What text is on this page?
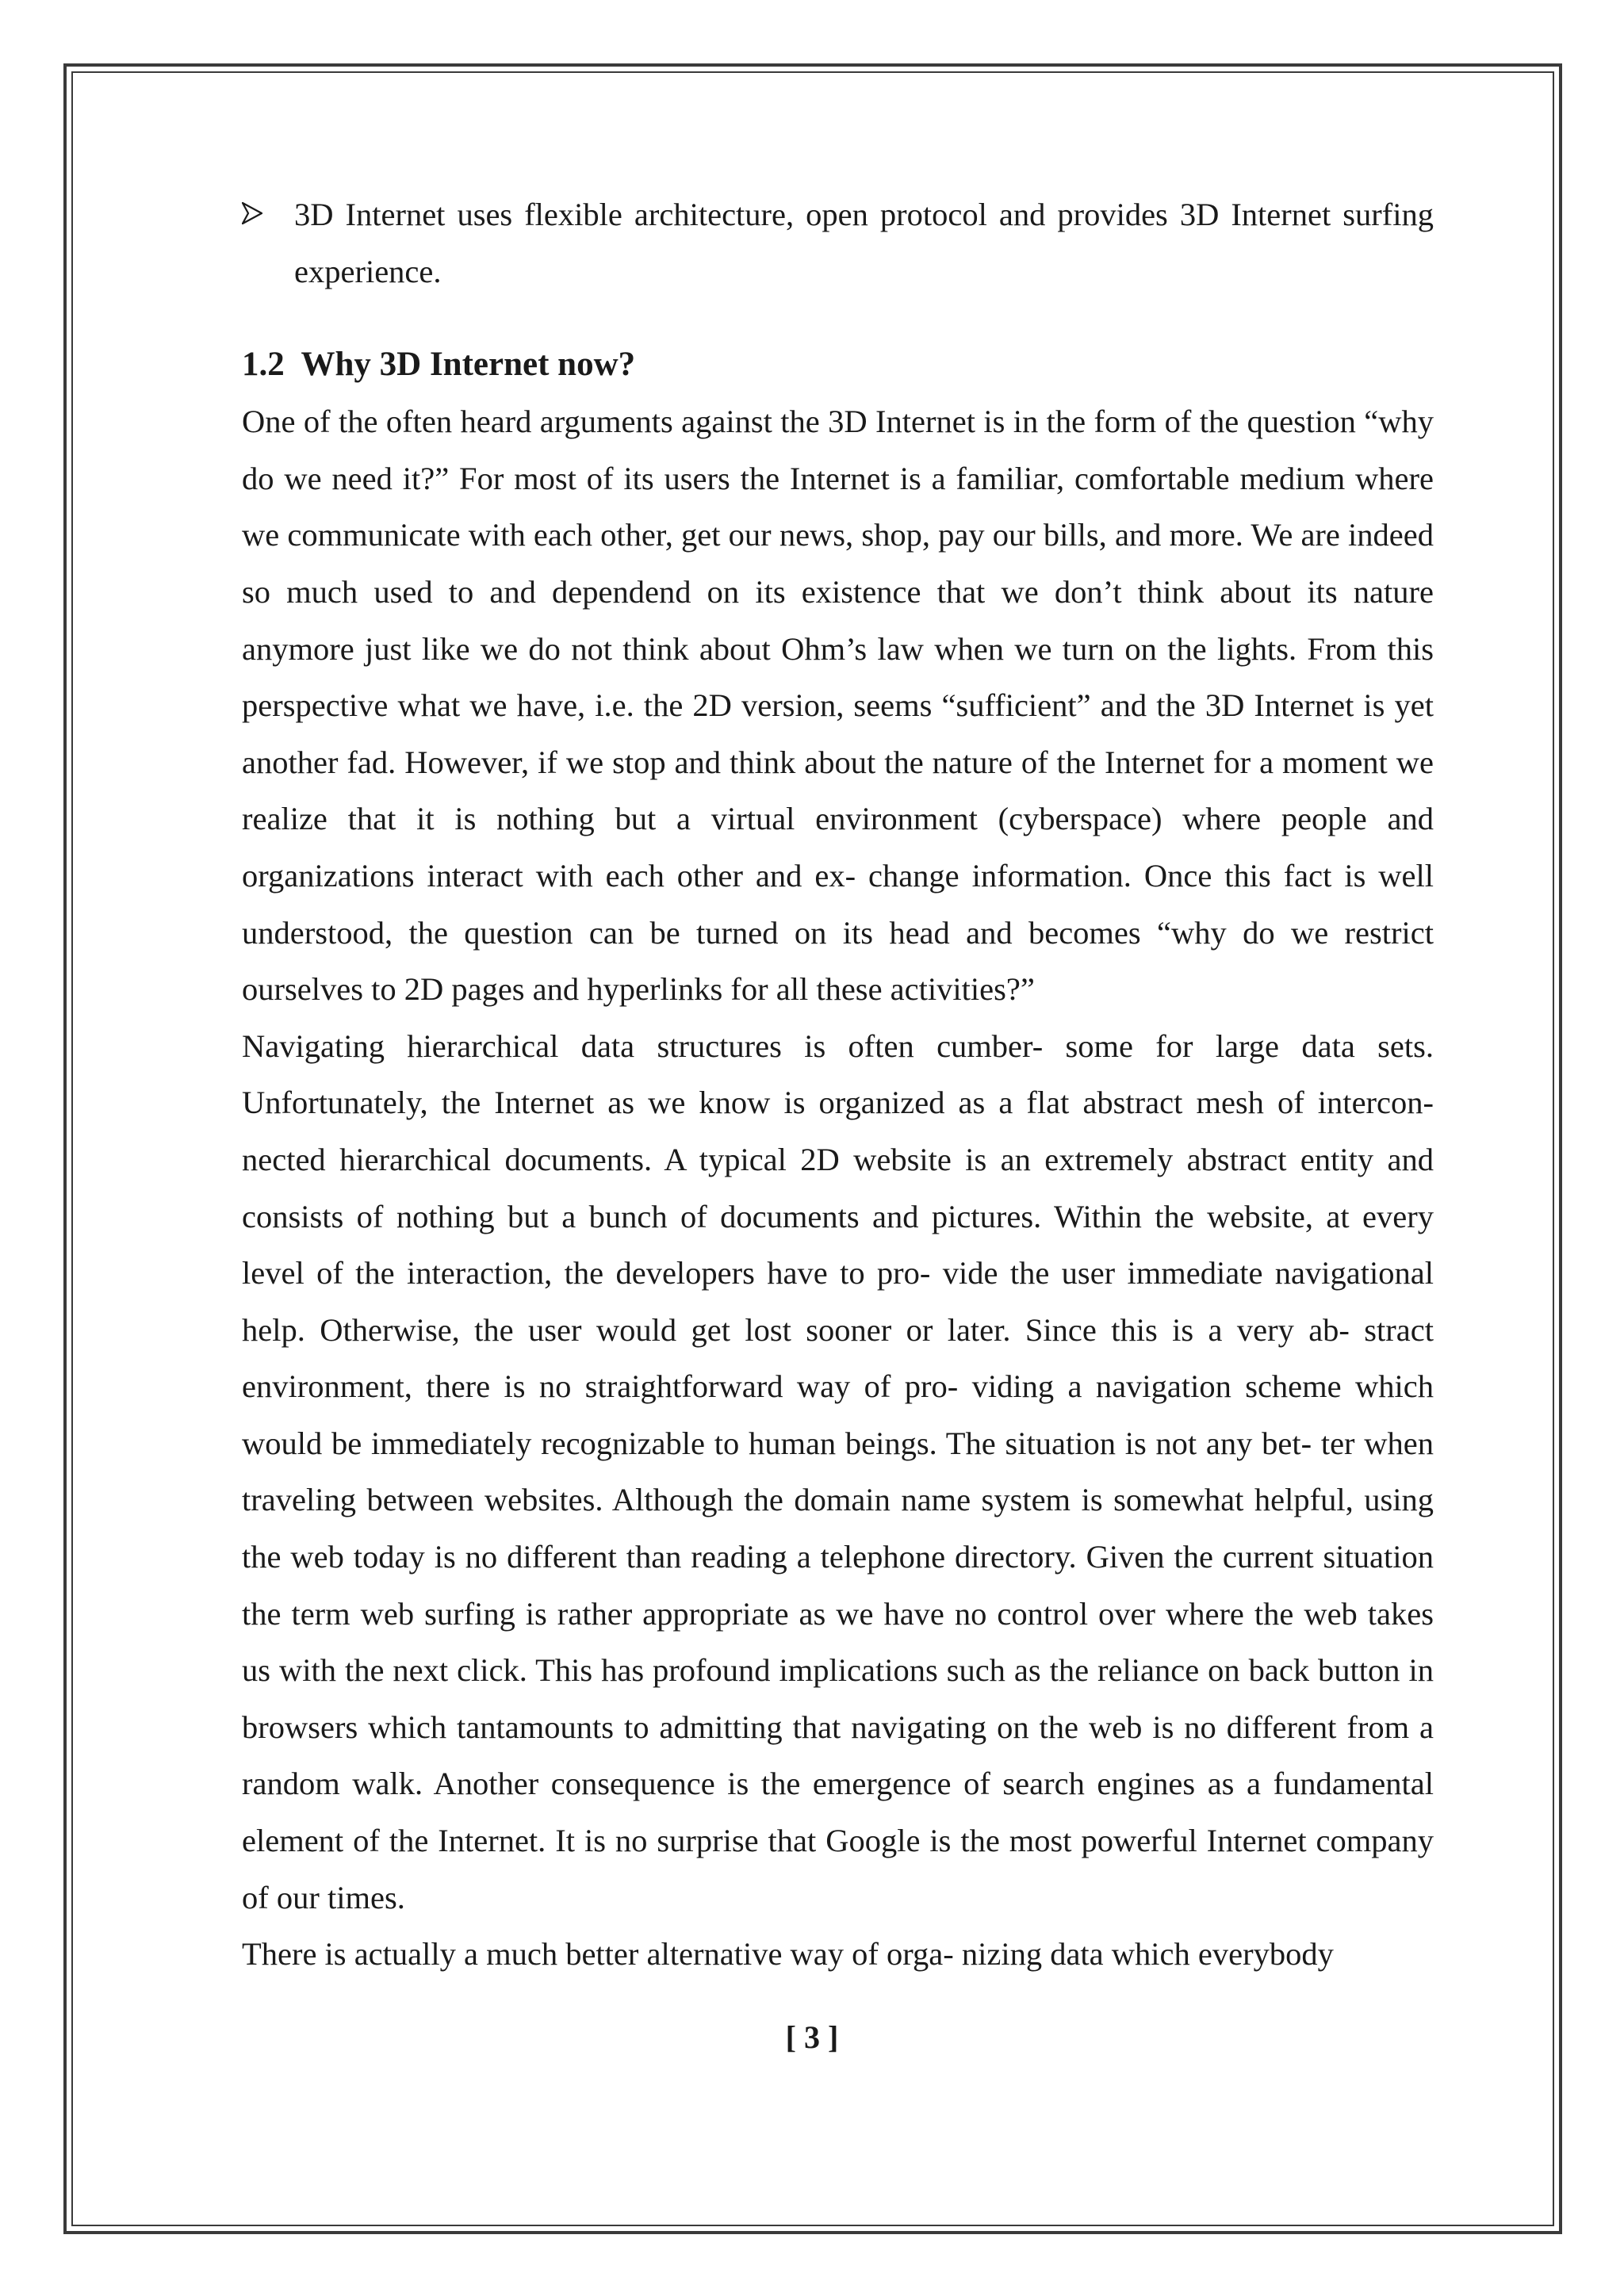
3D Internet uses flexible architecture, open protocol and provides 3D Internet surfing experience.
1.2 Why 3D Internet now?

One of the often heard arguments against the 3D Internet is in the form of the question “why do we need it?” For most of its users the Internet is a familiar, comfortable medium where we communicate with each other, get our news, shop, pay our bills, and more. We are indeed so much used to and dependend on its existence that we don’t think about its nature anymore just like we do not think about Ohm’s law when we turn on the lights. From this perspective what we have, i.e. the 2D version, seems “sufficient” and the 3D Internet is yet another fad. However, if we stop and think about the nature of the Internet for a moment we realize that it is nothing but a virtual environment (cyberspace) where people and organizations interact with each other and ex- change information. Once this fact is well understood, the question can be turned on its head and becomes “why do we restrict ourselves to 2D pages and hyperlinks for all these activities?”

Navigating hierarchical data structures is often cumber- some for large data sets. Unfortunately, the Internet as we know is organized as a flat abstract mesh of intercon- nected hierarchical documents. A typical 2D website is an extremely abstract entity and consists of nothing but a bunch of documents and pictures. Within the website, at every level of the interaction, the developers have to pro- vide the user immediate navigational help. Otherwise, the user would get lost sooner or later. Since this is a very ab- stract environment, there is no straightforward way of pro- viding a navigation scheme which would be immediately recognizable to human beings. The situation is not any bet- ter when traveling between websites. Although the domain name system is somewhat helpful, using the web today is no different than reading a telephone directory. Given the current situation the term web surfing is rather appropriate as we have no control over where the web takes us with the next click. This has profound implications such as the reliance on back button in browsers which tantamounts to admitting that navigating on the web is no different from a random walk. Another consequence is the emergence of search engines as a fundamental element of the Internet. It is no surprise that Google is the most powerful Internet company of our times.

There is actually a much better alternative way of orga- nizing data which everybody

[ 3 ]
